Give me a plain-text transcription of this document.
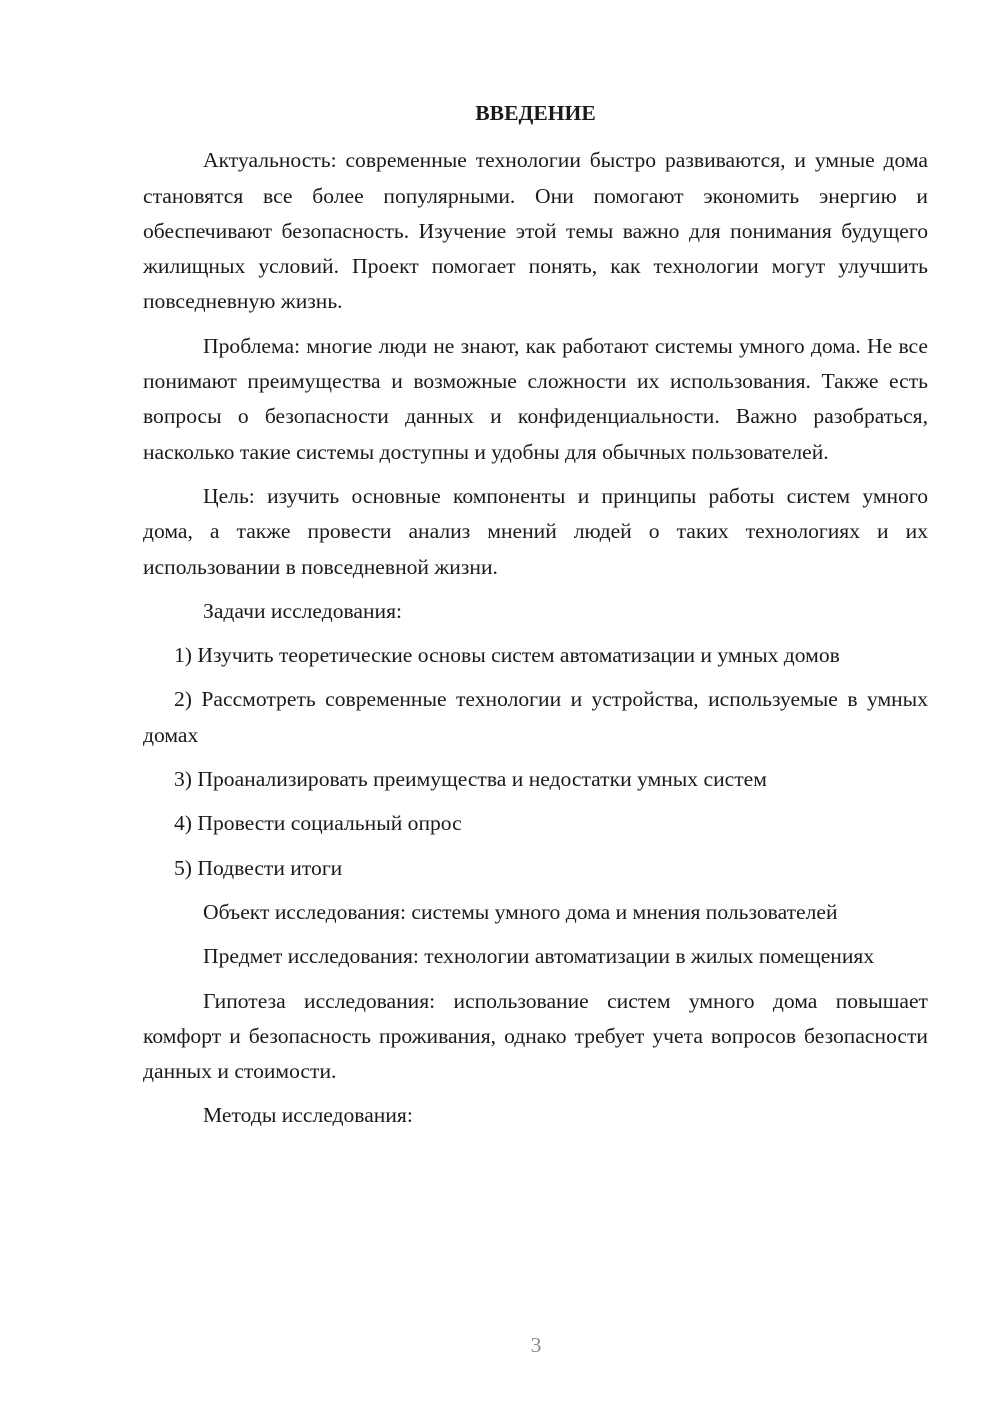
ВВЕДЕНИЕ

Актуальность: современные технологии быстро развиваются, и умные дома становятся все более популярными. Они помогают экономить энергию и обеспечивают безопасность. Изучение этой темы важно для понимания будущего жилищных условий. Проект помогает понять, как технологии могут улучшить повседневную жизнь.

Проблема: многие люди не знают, как работают системы умного дома. Не все понимают преимущества и возможные сложности их использования. Также есть вопросы о безопасности данных и конфиденциальности. Важно разобраться, насколько такие системы доступны и удобны для обычных пользователей.

Цель: изучить основные компоненты и принципы работы систем умного дома, а также провести анализ мнений людей о таких технологиях и их использовании в повседневной жизни.

Задачи исследования:

1) Изучить теоретические основы систем автоматизации и умных домов

2) Рассмотреть современные технологии и устройства, используемые в умных домах

3) Проанализировать преимущества и недостатки умных систем

4) Провести социальный опрос

5) Подвести итоги

Объект исследования: системы умного дома и мнения пользователей

Предмет исследования: технологии автоматизации в жилых помещениях

Гипотеза исследования: использование систем умного дома повышает комфорт и безопасность проживания, однако требует учета вопросов безопасности данных и стоимости.

Методы исследования:

3
